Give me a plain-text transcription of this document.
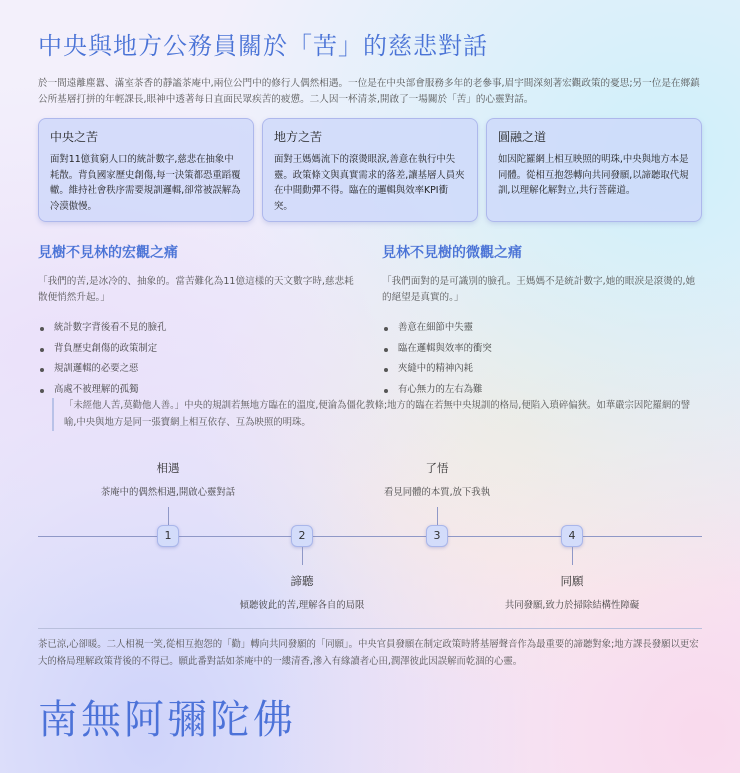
中央與地方公務員關於「苦」的慈悲對話

於一間遠離塵囂、滿室茶香的靜謐茶庵中,兩位公門中的修行人偶然相遇。一位是在中央部會服務多年的老參事,眉宇間深刻著宏觀政策的憂思;另一位是在鄉鎮公所基層打拼的年輕課長,眼神中透著每日直面民眾疾苦的疲憊。二人因一杯清茶,開啟了一場關於「苦」的心靈對話。

中央之苦
面對11億貧窮人口的統計數字,慈悲在抽象中耗散。背負國家歷史創傷,每一決策都恐重蹈覆轍。維持社會秩序需要規訓邏輯,卻常被誤解為冷漠傲慢。
地方之苦
面對王媽媽流下的滾燙眼淚,善意在執行中失靈。政策條文與真實需求的落差,讓基層人員夾在中間動彈不得。臨在的邏輯與效率KPI衝突。
圓融之道
如因陀羅網上相互映照的明珠,中央與地方本是同體。從相互抱怨轉向共同發願,以諦聽取代規訓,以理解化解對立,共行菩薩道。
見樹不見林的宏觀之痛

「我們的苦,是冰冷的、抽象的。當苦難化為11億這樣的天文數字時,慈悲耗散便悄然升起。」

統計數字背後看不見的臉孔
背負歷史創傷的政策制定
規訓邏輯的必要之惡
高處不被理解的孤獨
見林不見樹的微觀之痛

「我們面對的是可識別的臉孔。王媽媽不是統計數字,她的眼淚是滾燙的,她的絕望是真實的。」

善意在細節中失靈
臨在邏輯與效率的衝突
夾縫中的精神內耗
有心無力的左右為難
「未經他人苦,莫勸他人善。」中央的規訓若無地方臨在的溫度,便淪為僵化教條;地方的臨在若無中央規訓的格局,便陷入瑣碎偏狹。如華嚴宗因陀羅網的譬喻,中央與地方是同一張寶網上相互依存、互為映照的明珠。
相遇
茶庵中的偶然相遇,開啟心靈對話
1	2
諦聽
傾聽彼此的苦,理解各自的局限
了悟
看見同體的本質,放下我執
3	4
同願
共同發願,致力於掃除結構性障礙

茶已涼,心卻暖。二人相視一笑,從相互抱怨的「勸」轉向共同發願的「同願」。中央官員發願在制定政策時將基層聲音作為最重要的諦聽對象;地方課長發願以更宏大的格局理解政策背後的不得已。願此番對話如茶庵中的一縷清香,滲入有緣讀者心田,潤澤彼此因誤解而乾涸的心靈。

南無阿彌陀佛
